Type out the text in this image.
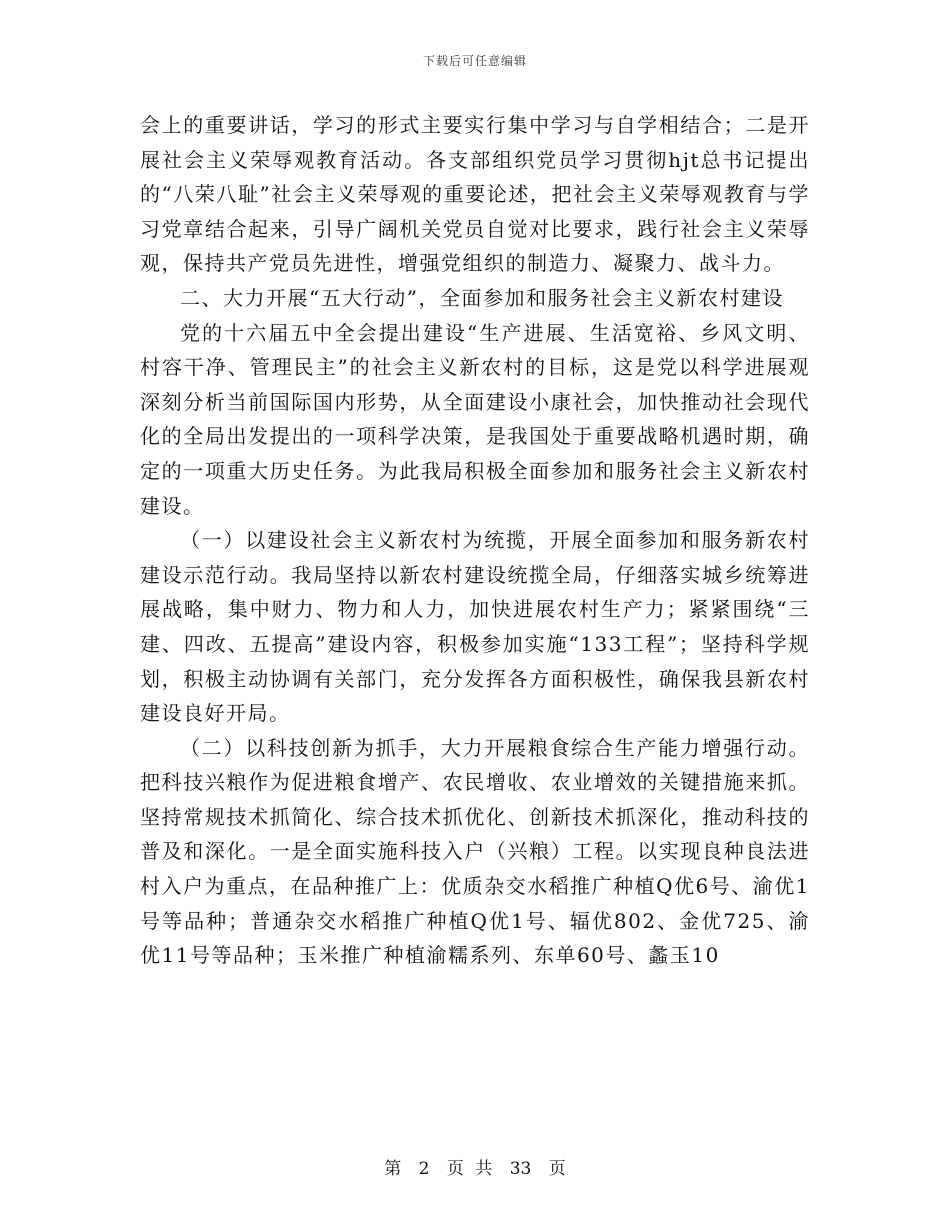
下载后可任意编辑

会上的重要讲话，学习的形式主要实行集中学习与自学相结合；二是开展社会主义荣辱观教育活动。各支部组织党员学习贯彻hjt总书记提出的“八荣八耻”社会主义荣辱观的重要论述，把社会主义荣辱观教育与学习党章结合起来，引导广阔机关党员自觉对比要求，践行社会主义荣辱观，保持共产党员先进性，增强党组织的制造力、凝聚力、战斗力。

二、大力开展“五大行动”，全面参加和服务社会主义新农村建设

党的十六届五中全会提出建设“生产进展、生活宽裕、乡风文明、村容干净、管理民主”的社会主义新农村的目标，这是党以科学进展观深刻分析当前国际国内形势，从全面建设小康社会，加快推动社会现代化的全局出发提出的一项科学决策，是我国处于重要战略机遇时期，确定的一项重大历史任务。为此我局积极全面参加和服务社会主义新农村建设。

（一）以建设社会主义新农村为统揽，开展全面参加和服务新农村建设示范行动。我局坚持以新农村建设统揽全局，仔细落实城乡统筹进展战略，集中财力、物力和人力，加快进展农村生产力；紧紧围绕“三建、四改、五提高”建设内容，积极参加实施“133工程”；坚持科学规划，积极主动协调有关部门，充分发挥各方面积极性，确保我县新农村建设良好开局。

（二）以科技创新为抓手，大力开展粮食综合生产能力增强行动。把科技兴粮作为促进粮食增产、农民增收、农业增效的关键措施来抓。坚持常规技术抓简化、综合技术抓优化、创新技术抓深化，推动科技的普及和深化。一是全面实施科技入户（兴粮）工程。以实现良种良法进村入户为重点，在品种推广上：优质杂交水稻推广种植Q优6号、渝优1号等品种；普通杂交水稻推广种植Q优1号、辐优802、金优725、渝优11号等品种；玉米推广种植渝糯系列、东单60号、蠡玉10

第 2 页 共 33 页
